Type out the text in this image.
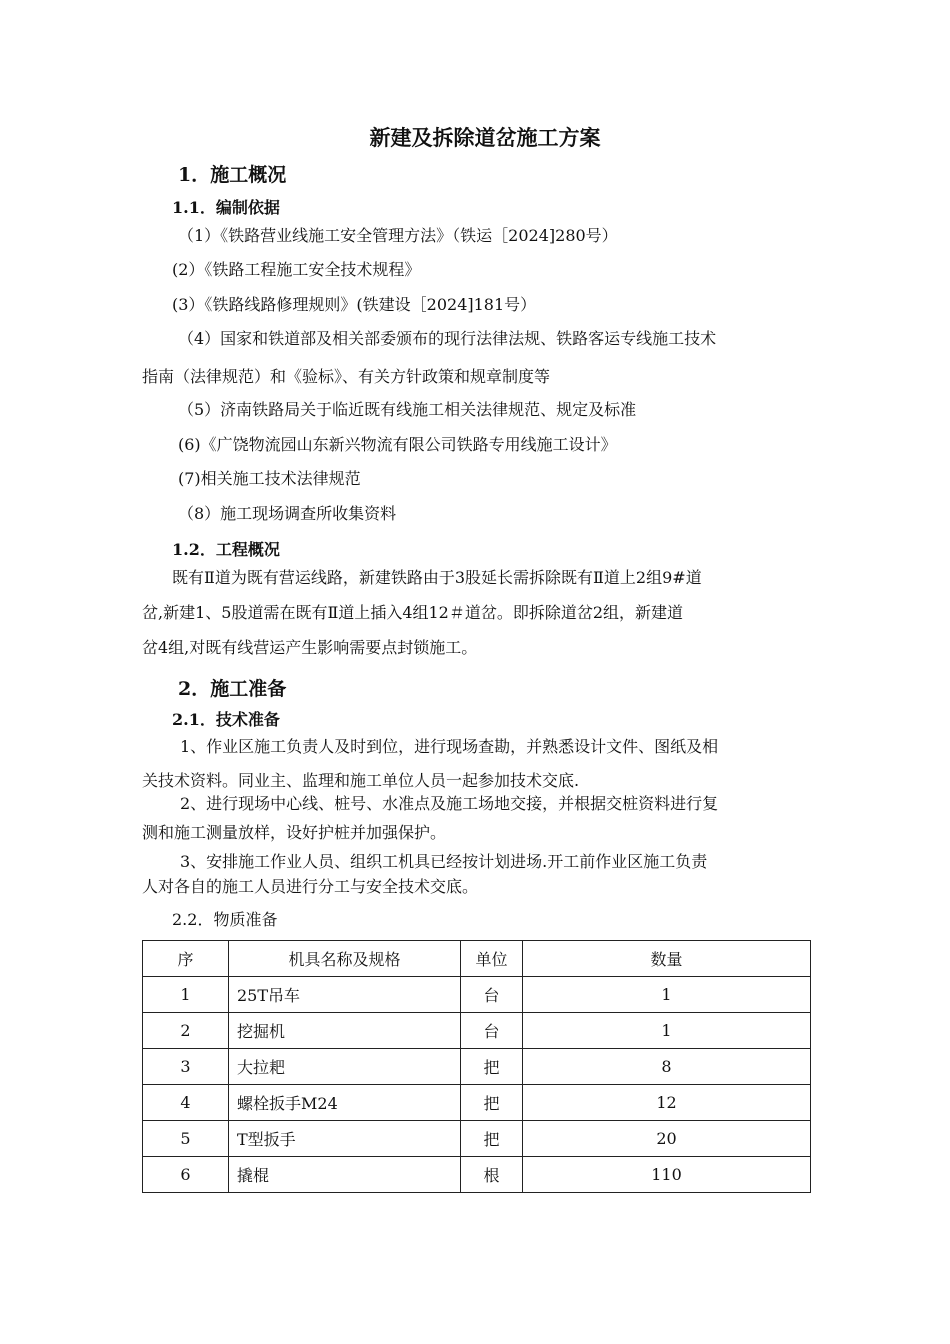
新建及拆除道岔施工方案
1．施工概况
1.1．编制依据
（1）《铁路营业线施工安全管理方法》（铁运［2024]280号）
(2）《铁路工程施工安全技术规程》
(3）《铁路线路修理规则》(铁建设［2024]181号）
（4）国家和铁道部及相关部委颁布的现行法律法规、铁路客运专线施工技术
指南（法律规范）和《验标》、有关方针政策和规章制度等
（5）济南铁路局关于临近既有线施工相关法律规范、规定及标准
(6)《广饶物流园山东新兴物流有限公司铁路专用线施工设计》
(7)相关施工技术法律规范
（8）施工现场调查所收集资料
1.2．工程概况
既有Ⅱ道为既有营运线路，新建铁路由于3股延长需拆除既有Ⅱ道上2组9#道
岔,新建1、5股道需在既有Ⅱ道上插入4组12＃道岔。即拆除道岔2组，新建道
岔4组,对既有线营运产生影响需要点封锁施工。
2．施工准备
2.1．技术准备
1、作业区施工负责人及时到位，进行现场查勘，并熟悉设计文件、图纸及相
关技术资料。同业主、监理和施工单位人员一起参加技术交底.
2、进行现场中心线、桩号、水准点及施工场地交接，并根据交桩资料进行复
测和施工测量放样，设好护桩并加强保护。
3、安排施工作业人员、组织工机具已经按计划进场.开工前作业区施工负责
人对各自的施工人员进行分工与安全技术交底。
2.2．物质准备
序	机具名称及规格	单位	数量
1	25T吊车	台	1
2	挖掘机	台	1
3	大拉耙	把	8
4	螺栓扳手M24	把	12
5	T型扳手	把	20
6	撬棍	根	110
